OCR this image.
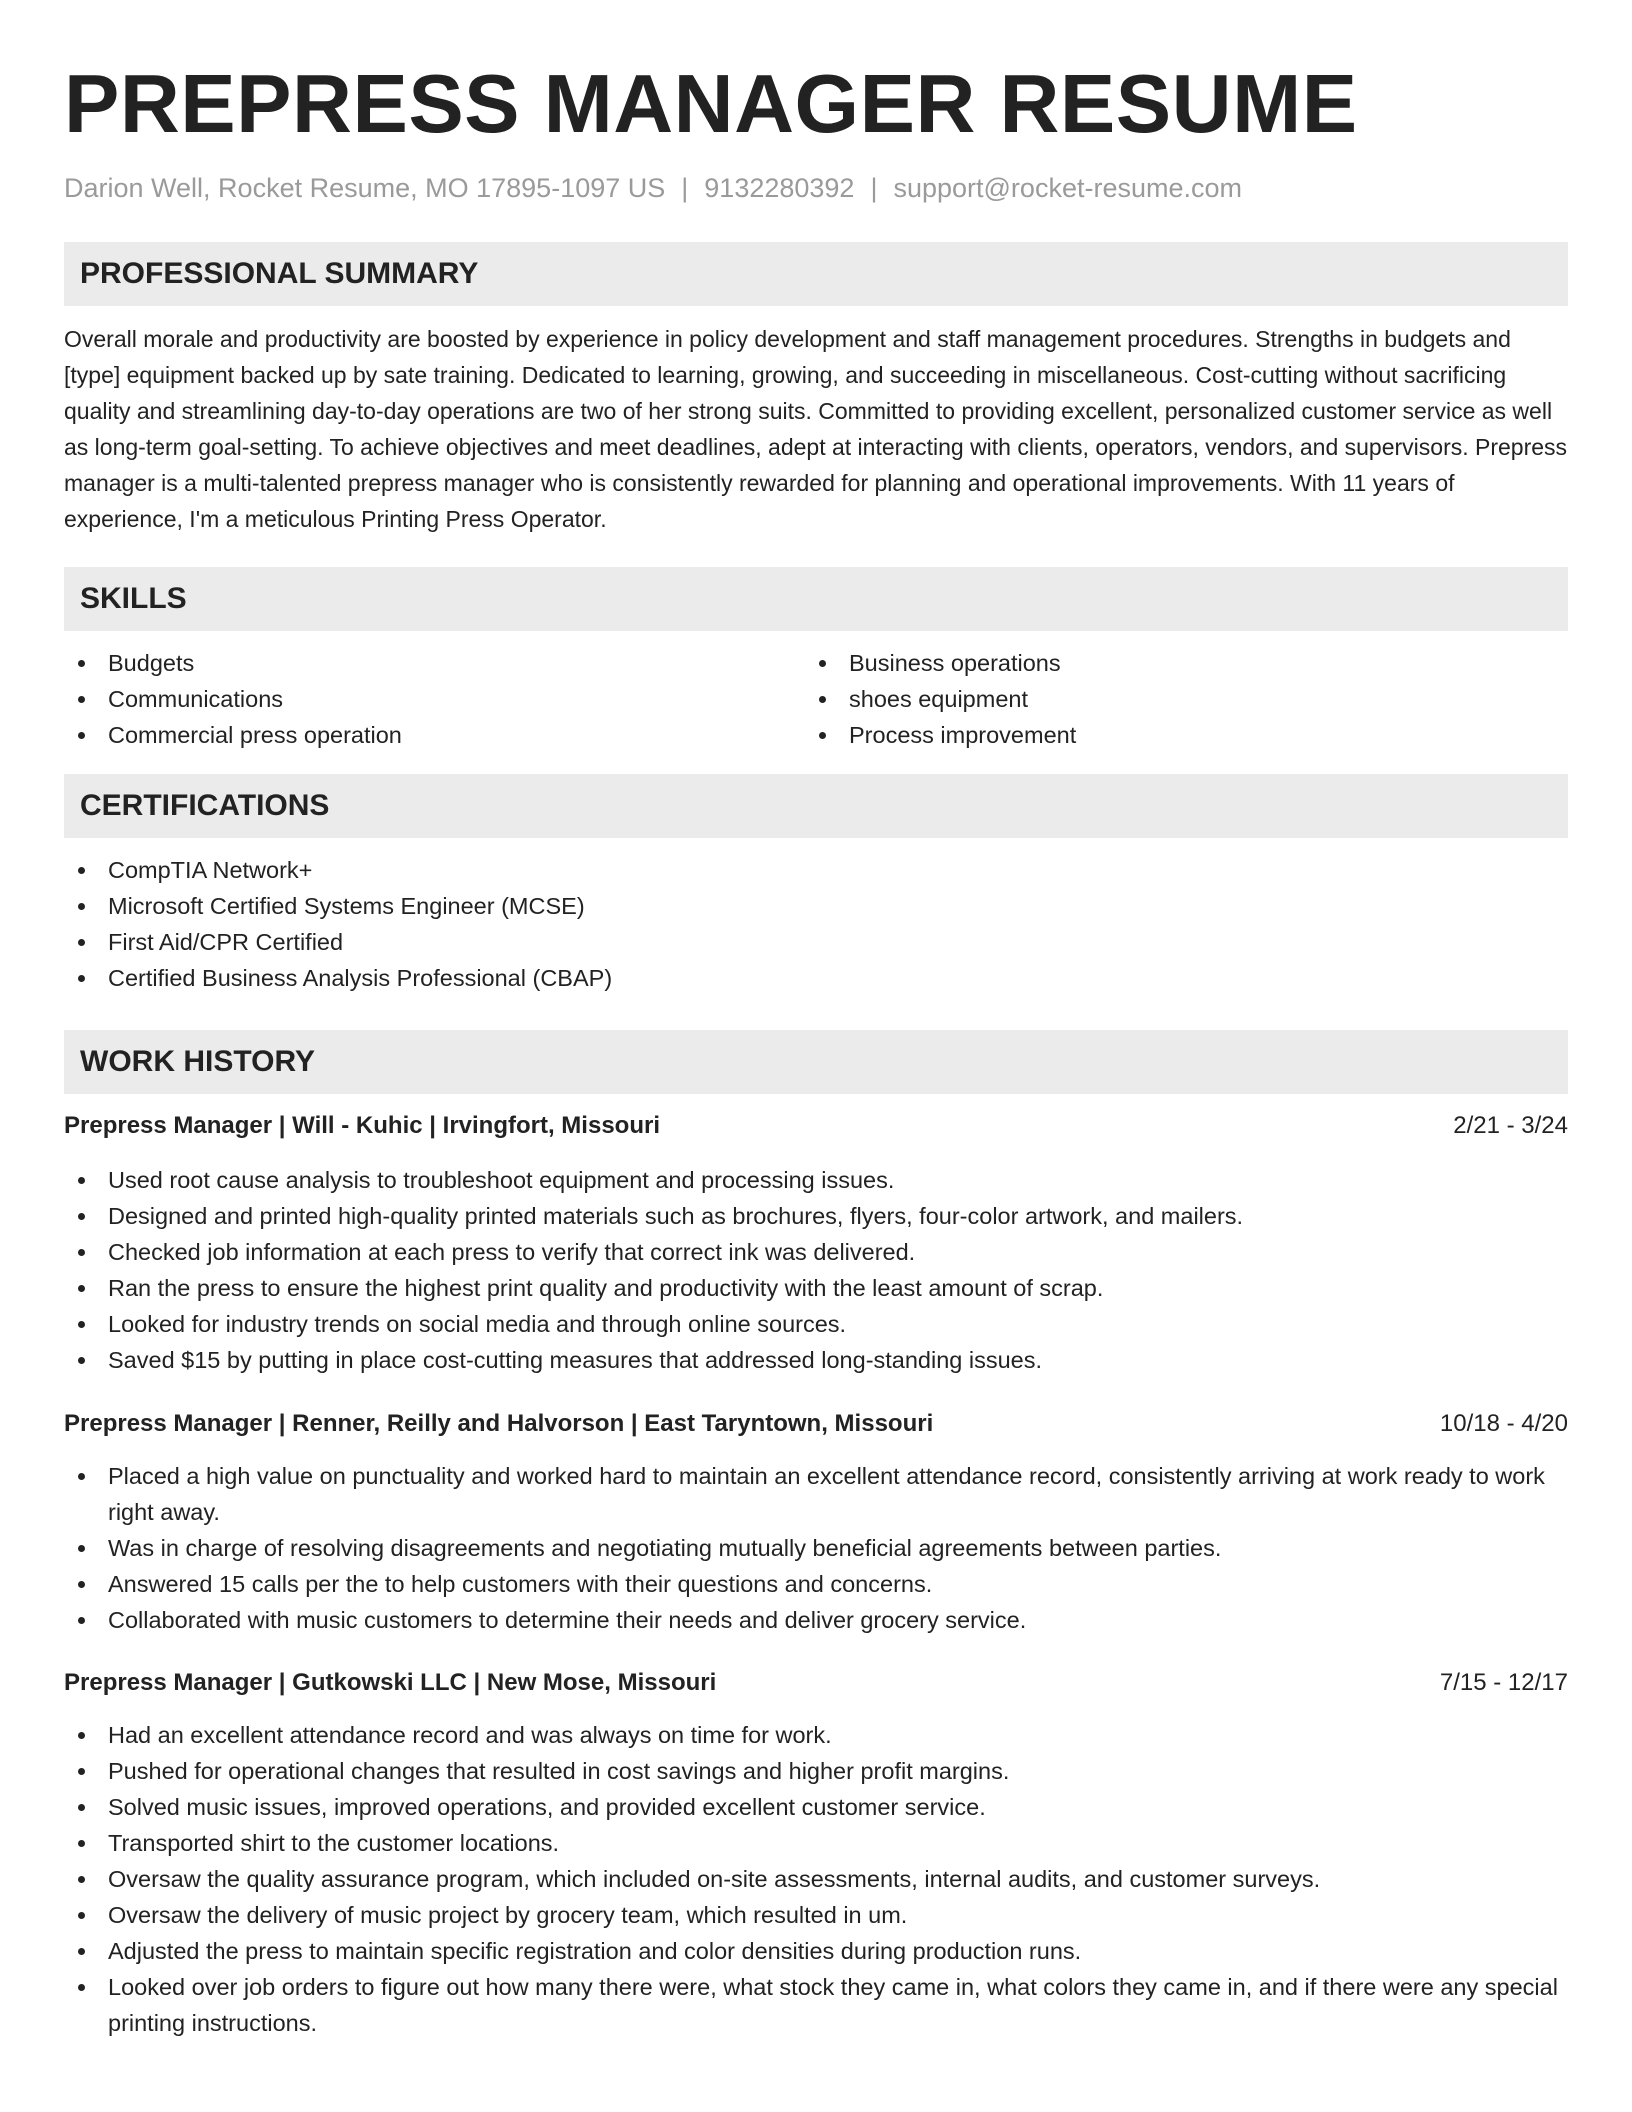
PREPRESS MANAGER RESUME
Darion Well, Rocket Resume, MO 17895-1097 US | 9132280392 | support@rocket-resume.com
PROFESSIONAL SUMMARY

Overall morale and productivity are boosted by experience in policy development and staff management procedures. Strengths in budgets and [type] equipment backed up by sate training. Dedicated to learning, growing, and succeeding in miscellaneous. Cost-cutting without sacrificing quality and streamlining day-to-day operations are two of her strong suits. Committed to providing excellent, personalized customer service as well as long-term goal-setting. To achieve objectives and meet deadlines, adept at interacting with clients, operators, vendors, and supervisors. Prepress manager is a multi-talented prepress manager who is consistently rewarded for planning and operational improvements. With 11 years of experience, I'm a meticulous Printing Press Operator.

SKILLS
Budgets
Communications
Commercial press operation
Business operations
shoes equipment
Process improvement
CERTIFICATIONS
CompTIA Network+
Microsoft Certified Systems Engineer (MCSE)
First Aid/CPR Certified
Certified Business Analysis Professional (CBAP)
WORK HISTORY
Prepress Manager | Will - Kuhic | Irvingfort, Missouri	2/21 - 3/24
Used root cause analysis to troubleshoot equipment and processing issues.
Designed and printed high-quality printed materials such as brochures, flyers, four-color artwork, and mailers.
Checked job information at each press to verify that correct ink was delivered.
Ran the press to ensure the highest print quality and productivity with the least amount of scrap.
Looked for industry trends on social media and through online sources.
Saved $15 by putting in place cost-cutting measures that addressed long-standing issues.
Prepress Manager | Renner, Reilly and Halvorson | East Taryntown, Missouri	10/18 - 4/20
Placed a high value on punctuality and worked hard to maintain an excellent attendance record, consistently arriving at work ready to work right away.
Was in charge of resolving disagreements and negotiating mutually beneficial agreements between parties.
Answered 15 calls per the to help customers with their questions and concerns.
Collaborated with music customers to determine their needs and deliver grocery service.
Prepress Manager | Gutkowski LLC | New Mose, Missouri	7/15 - 12/17
Had an excellent attendance record and was always on time for work.
Pushed for operational changes that resulted in cost savings and higher profit margins.
Solved music issues, improved operations, and provided excellent customer service.
Transported shirt to the customer locations.
Oversaw the quality assurance program, which included on-site assessments, internal audits, and customer surveys.
Oversaw the delivery of music project by grocery team, which resulted in um.
Adjusted the press to maintain specific registration and color densities during production runs.
Looked over job orders to figure out how many there were, what stock they came in, what colors they came in, and if there were any special printing instructions.
